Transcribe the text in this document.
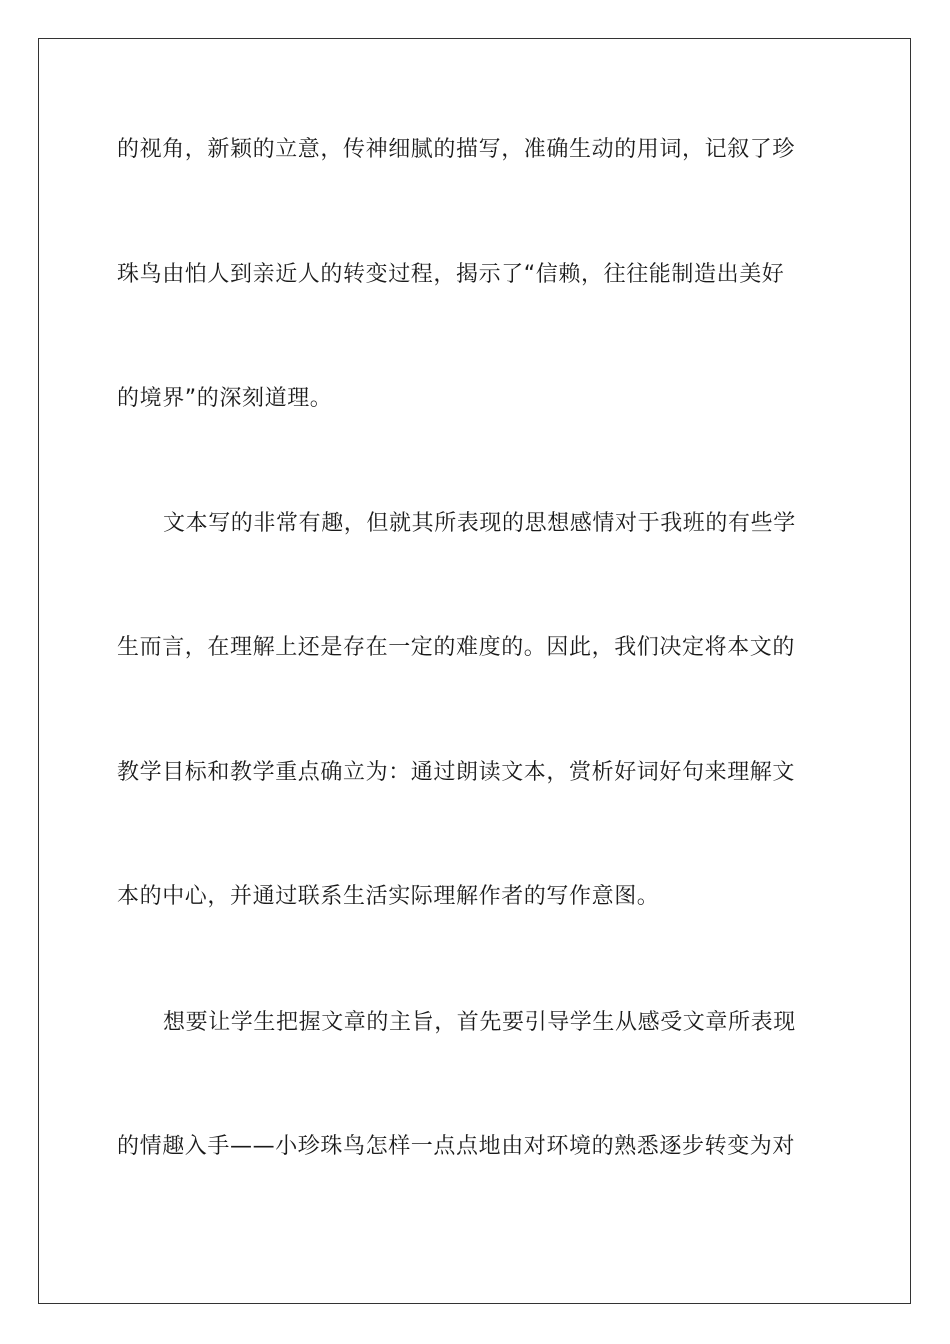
的视角，新颖的立意，传神细腻的描写，准确生动的用词，记叙了珍
珠鸟由怕人到亲近人的转变过程，揭示了“信赖，往往能制造出美好
的境界”的深刻道理。
文本写的非常有趣，但就其所表现的思想感情对于我班的有些学
生而言，在理解上还是存在一定的难度的。因此，我们决定将本文的
教学目标和教学重点确立为：通过朗读文本，赏析好词好句来理解文
本的中心，并通过联系生活实际理解作者的写作意图。
想要让学生把握文章的主旨，首先要引导学生从感受文章所表现
的情趣入手——小珍珠鸟怎样一点点地由对环境的熟悉逐步转变为对
